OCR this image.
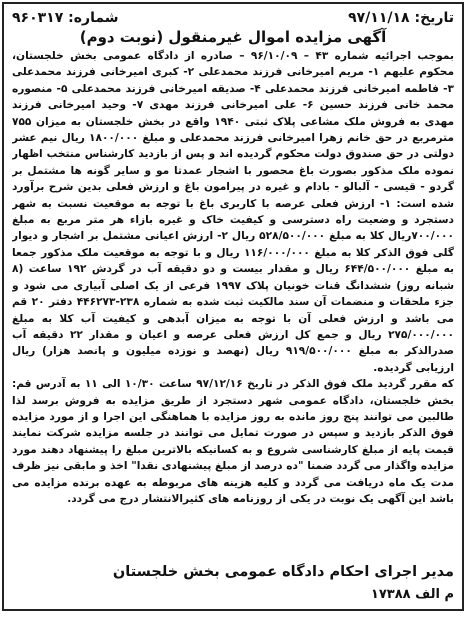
تاریخ: ۹۷/۱۱/۱۸
شماره: ۹۶۰۳۱۷
آگهی مزایده اموال غیرمنقول (نوبت دوم)

بموجب اجرائیه شماره ۴۳ – ۹۶/۱۰/۰۹ – صادره از دادگاه عمومی بخش خلجستان، محکوم علیهم ۱- مریم امیرخانی فرزند محمدعلی ۲- کبری امیرخانی فرزند محمدعلی ۳- فاطمه امیرخانی فرزند محمدعلی ۴- صدیقه امیرخانی فرزند محمدعلی ۵- منصوره محمد خانی فرزند حسین ۶- علی امیرخانی فرزند مهدی ۷- وحید امیرخانی فرزند مهدی به فروش ملک مشاعی پلاک ثبتی ۱۹۴۰ واقع در بخش خلجستان به میزان ۷۵۵ مترمربع در حق خانم زهرا امیرخانی فرزند محمدعلی و مبلغ ۱۸۰۰/۰۰۰ ریال نیم عشر دولتی در حق صندوق دولت محکوم گردیده اند و پس از بازدید کارشناس منتخب اظهار نموده ملک مذکور بصورت باغ محصور با اشجار عمدتا مو و سایر گونه ها مشتمل بر گردو - قیسی - آلبالو - بادام و غیره در پیرامون باغ و ارزش فعلی بدین شرح برآورد شده است: ۱- ارزش فعلی عرصه با کاربری باغ با توجه به موقعیت نسبت به شهر دستجرد و وضعیت راه دسترسی و کیفیت خاک و غیره بازاء هر متر مربع به مبلغ ۷۰۰/۰۰۰ریال کلا به مبلغ ۵۲۸/۵۰۰/۰۰۰ ریال ۲- ارزش اعیانی مشتمل بر اشجار و دیوار گلی فوق الذکر کلا به مبلغ ۱۱۶/۰۰۰/۰۰۰ ریال و با توجه به موقعیت ملک مذکور جمعا به مبلغ ۶۴۴/۵۰۰/۰۰۰ ریال و مقدار بیست و دو دقیقه آب در گردش ۱۹۲ ساعت (۸ شبانه روز) ششدانگ قنات خونیان پلاک ۱۹۹۷ فرعی از یک اصلی آبیاری می شود و جزء ملحقات و منضمات آن سند مالکیت ثبت شده به شماره ۲۳۸-۴۴۶۲۷۳ دفتر ۲۰ قم می باشد و ارزش فعلی آن با توجه به میزان آبدهی و کیفیت آب کلا به مبلغ ۲۷۵/۰۰۰/۰۰۰ ریال و جمع کل ارزش فعلی عرصه و اعیان و مقدار ۲۲ دقیقه آب صدرالذکر به مبلغ ۹۱۹/۵۰۰/۰۰۰ ریال (نهصد و نوزده میلیون و پانصد هزار) ریال ارزیابی گردیده.

که مقرر گردید ملک فوق الذکر در تاریخ ۹۷/۱۲/۱۶ ساعت ۱۰/۳۰ الی ۱۱ به آدرس قم: بخش خلجستان، دادگاه عمومی شهر دستجرد از طریق مزایده به فروش برسد لذا طالبین می توانند پنج روز مانده به روز مزایده با هماهنگی این اجرا و از مورد مزایده فوق الذکر بازدید و سپس در صورت تمایل می توانند در جلسه مزایده شرکت نمایند قیمت پایه از مبلغ کارشناسی شروع و به کسانیکه بالاترین مبلغ را پیشنهاد دهند مورد مزایده واگذار می گردد ضمنا "ده درصد از مبلغ پیشنهادی نقدا" اخذ و مابقی نیز ظرف مدت یک ماه دریافت می گردد و کلیه هزینه های مربوطه به عهده برنده مزایده می باشد این آگهی یک نوبت در یکی از روزنامه های کثیرالانتشار درج می گردد.

مدیر اجرای احکام دادگاه عمومی بخش خلجستان
م الف ۱۷۳۸۸
